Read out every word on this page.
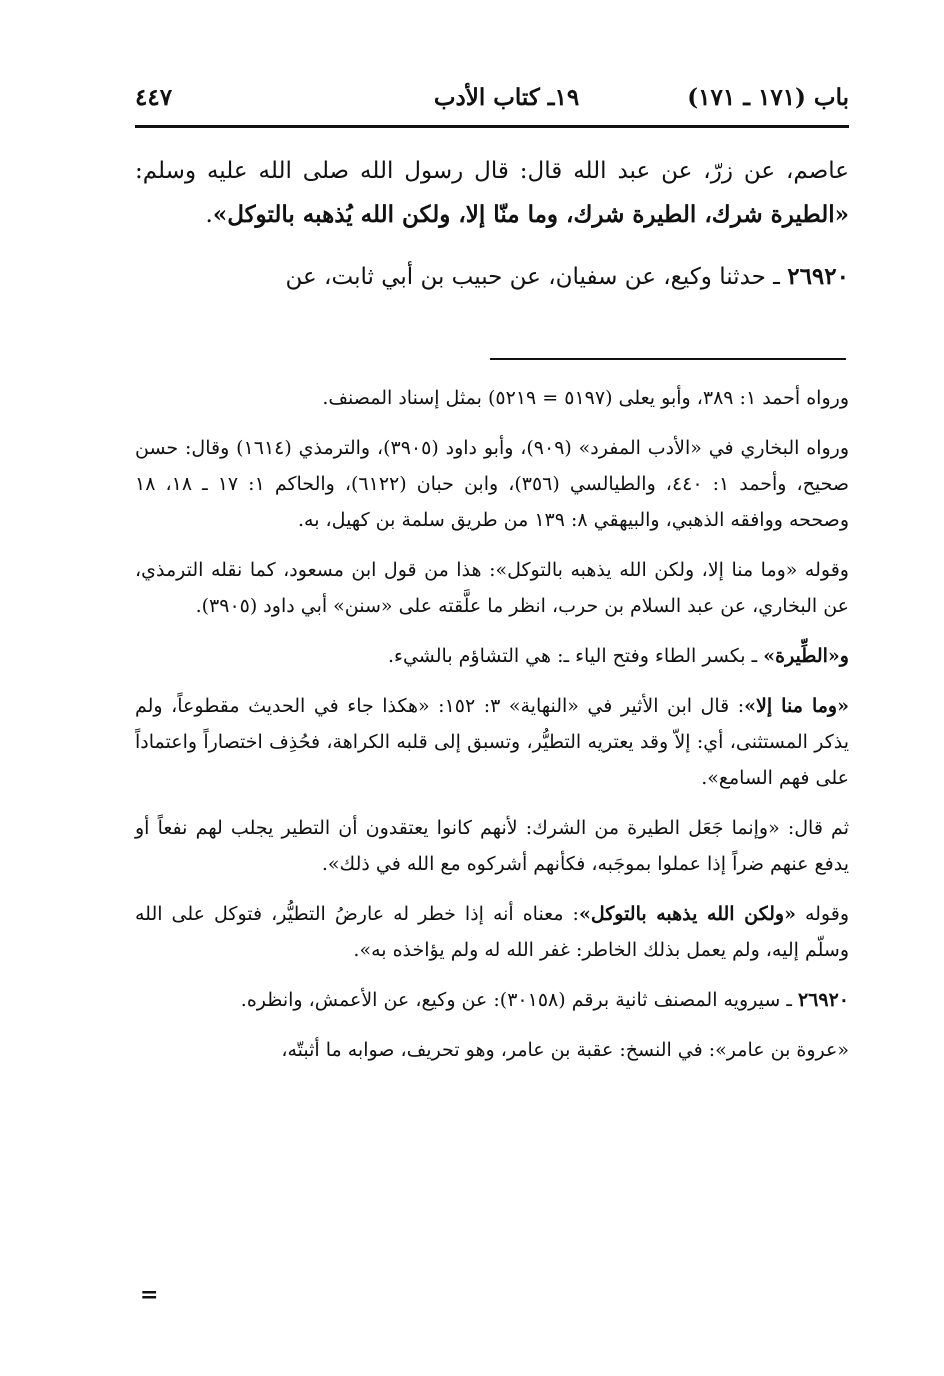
باب (١٧١ ـ ١٧١)
١٩ـ كتاب الأدب
٤٤٧

عاصم، عن زرّ، عن عبد الله قال: قال رسول الله صلى الله عليه وسلم: «الطيرة شرك، الطيرة شرك، وما منّا إلا، ولكن الله يُذهبه بالتوكل».

٢٦٩٢٠ ـ حدثنا وكيع، عن سفيان، عن حبيب بن أبي ثابت، عن

ورواه أحمد ١: ٣٨٩، وأبو يعلى (٥١٩٧ = ٥٢١٩) بمثل إسناد المصنف.

ورواه البخاري في «الأدب المفرد» (٩٠٩)، وأبو داود (٣٩٠٥)، والترمذي (١٦١٤) وقال: حسن صحيح، وأحمد ١: ٤٤٠، والطيالسي (٣٥٦)، وابن حبان (٦١٢٢)، والحاكم ١: ١٧ ـ ١٨، ١٨ وصححه ووافقه الذهبي، والبيهقي ٨: ١٣٩ من طريق سلمة بن كهيل، به.

وقوله «وما منا إلا، ولكن الله يذهبه بالتوكل»: هذا من قول ابن مسعود، كما نقله الترمذي، عن البخاري، عن عبد السلام بن حرب، انظر ما علَّقته على «سنن» أبي داود (٣٩٠٥).

و«الطِّيرة» ـ بكسر الطاء وفتح الياء ـ: هي التشاؤم بالشيء.

«وما منا إلا»: قال ابن الأثير في «النهاية» ٣: ١٥٢: «هكذا جاء في الحديث مقطوعاً، ولم يذكر المستثنى، أي: إلاّ وقد يعتريه التطيُّر، وتسبق إلى قلبه الكراهة، فحُذِف اختصاراً واعتماداً على فهم السامع».

ثم قال: «وإنما جَعَل الطيرة من الشرك: لأنهم كانوا يعتقدون أن التطير يجلب لهم نفعاً أو يدفع عنهم ضراً إذا عملوا بموجَبه، فكأنهم أشركوه مع الله في ذلك».

وقوله «ولكن الله يذهبه بالتوكل»: معناه أنه إذا خطر له عارضُ التطيُّر، فتوكل على الله وسلّم إليه، ولم يعمل بذلك الخاطر: غفر الله له ولم يؤاخذه به».

٢٦٩٢٠ ـ سيرويه المصنف ثانية برقم (٣٠١٥٨): عن وكيع، عن الأعمش، وانظره.

«عروة بن عامر»: في النسخ: عقبة بن عامر، وهو تحريف، صوابه ما أثبتّه،

=
